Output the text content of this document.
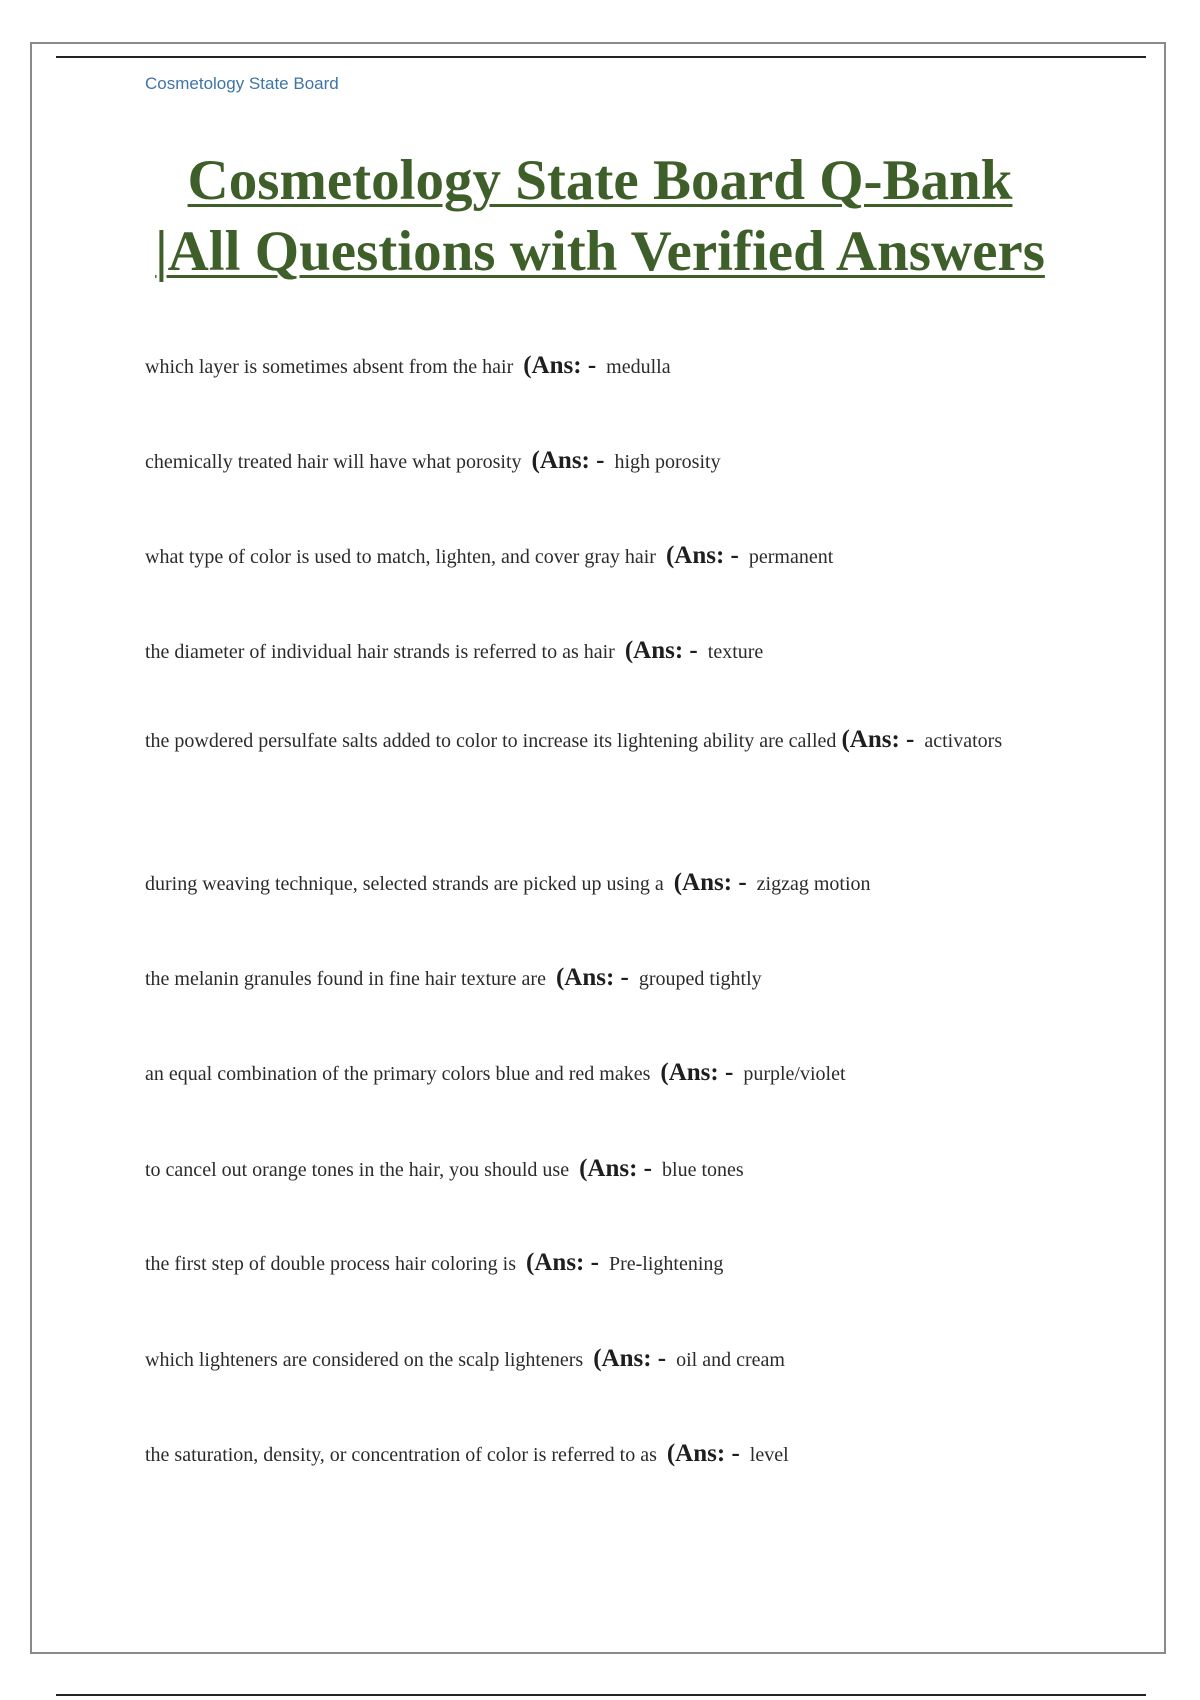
Cosmetology State Board
Cosmetology State Board Q-Bank
|All Questions with Verified Answers
which layer is sometimes absent from the hair (Ans: - medulla
chemically treated hair will have what porosity (Ans: - high porosity
what type of color is used to match, lighten, and cover gray hair (Ans: - permanent
the diameter of individual hair strands is referred to as hair (Ans: - texture
the powdered persulfate salts added to color to increase its lightening ability are called (Ans: - activators
during weaving technique, selected strands are picked up using a (Ans: - zigzag motion
the melanin granules found in fine hair texture are (Ans: - grouped tightly
an equal combination of the primary colors blue and red makes (Ans: - purple/violet
to cancel out orange tones in the hair, you should use (Ans: - blue tones
the first step of double process hair coloring is (Ans: - Pre-lightening
which lighteners are considered on the scalp lighteners (Ans: - oil and cream
the saturation, density, or concentration of color is referred to as (Ans: - level
